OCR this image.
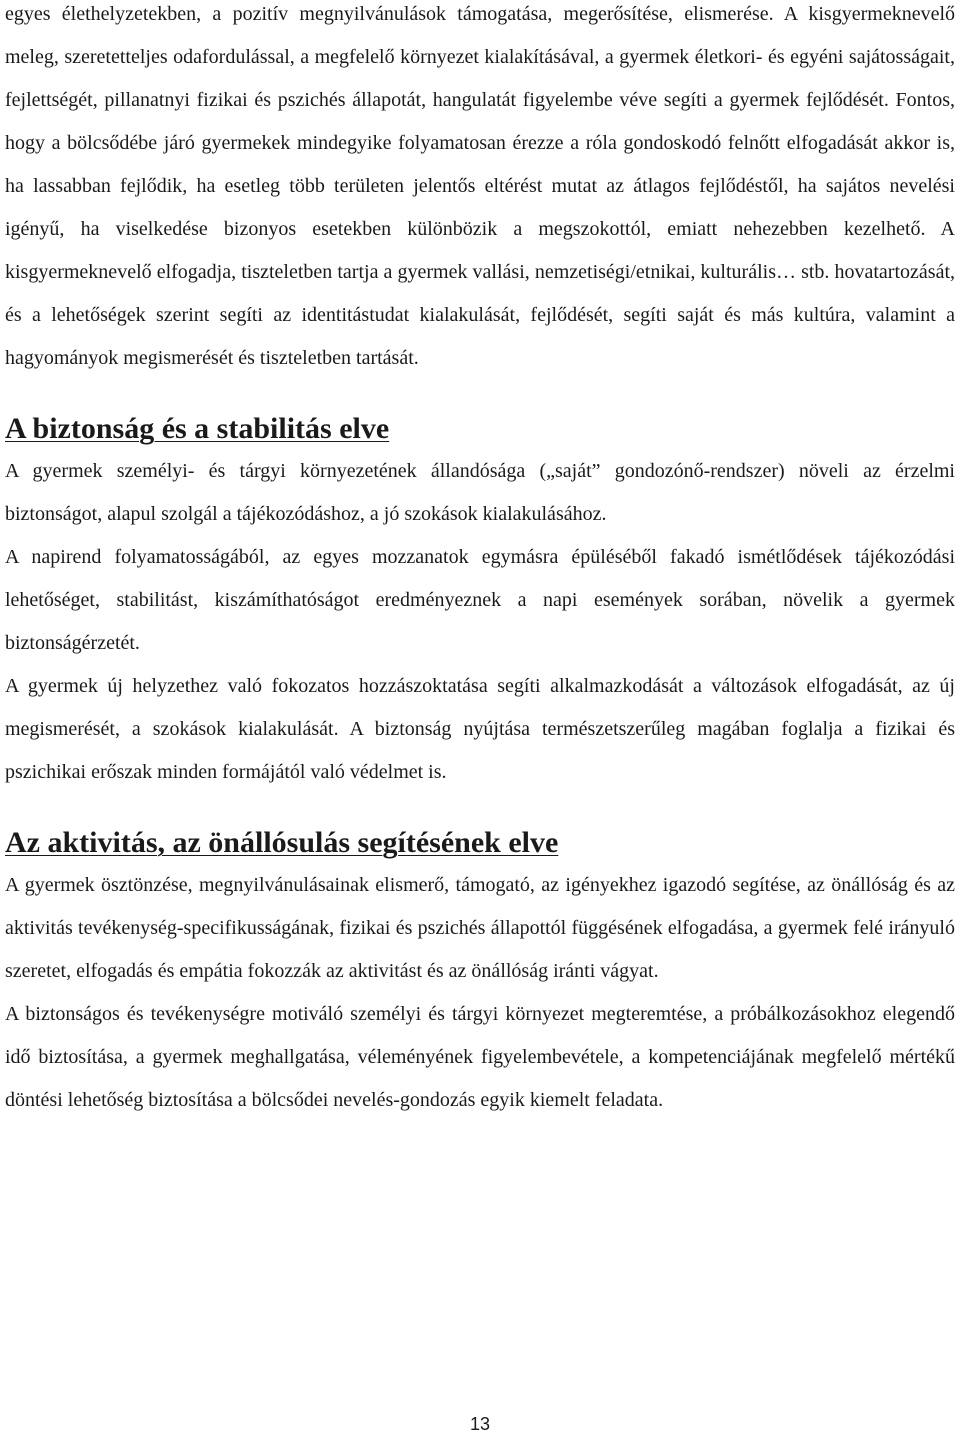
egyes élethelyzetekben, a pozitív megnyilvánulások támogatása, megerősítése, elismerése. A kisgyermeknevelő meleg, szeretetteljes odafordulással, a megfelelő környezet kialakításával, a gyermek életkori- és egyéni sajátosságait, fejlettségét, pillanatnyi fizikai és pszichés állapotát, hangulatát figyelembe véve segíti a gyermek fejlődését. Fontos, hogy a bölcsődébe járó gyermekek mindegyike folyamatosan érezze a róla gondoskodó felnőtt elfogadását akkor is, ha lassabban fejlődik, ha esetleg több területen jelentős eltérést mutat az átlagos fejlődéstől, ha sajátos nevelési igényű, ha viselkedése bizonyos esetekben különbözik a megszokottól, emiatt nehezebben kezelhető. A kisgyermeknevelő elfogadja, tiszteletben tartja a gyermek vallási, nemzetiségi/etnikai, kulturális… stb. hovatartozását, és a lehetőségek szerint segíti az identitástudat kialakulását, fejlődését, segíti saját és más kultúra, valamint a hagyományok megismerését és tiszteletben tartását.

A biztonság és a stabilitás elve

A gyermek személyi- és tárgyi környezetének állandósága („saját” gondozónő-rendszer) növeli az érzelmi biztonságot, alapul szolgál a tájékozódáshoz, a jó szokások kialakulásához.

A napirend folyamatosságából, az egyes mozzanatok egymásra épüléséből fakadó ismétlődések tájékozódási lehetőséget, stabilitást, kiszámíthatóságot eredményeznek a napi események sorában, növelik a gyermek biztonságérzetét.

A gyermek új helyzethez való fokozatos hozzászoktatása segíti alkalmazkodását a változások elfogadását, az új megismerését, a szokások kialakulását. A biztonság nyújtása természetszerűleg magában foglalja a fizikai és pszichikai erőszak minden formájától való védelmet is.

Az aktivitás, az önállósulás segítésének elve

A gyermek ösztönzése, megnyilvánulásainak elismerő, támogató, az igényekhez igazodó segítése, az önállóság és az aktivitás tevékenység-specifikusságának, fizikai és pszichés állapottól függésének elfogadása, a gyermek felé irányuló szeretet, elfogadás és empátia fokozzák az aktivitást és az önállóság iránti vágyat.

A biztonságos és tevékenységre motiváló személyi és tárgyi környezet megteremtése, a próbálkozásokhoz elegendő idő biztosítása, a gyermek meghallgatása, véleményének figyelembevétele, a kompetenciájának megfelelő mértékű döntési lehetőség biztosítása a bölcsődei nevelés-gondozás egyik kiemelt feladata.

13
